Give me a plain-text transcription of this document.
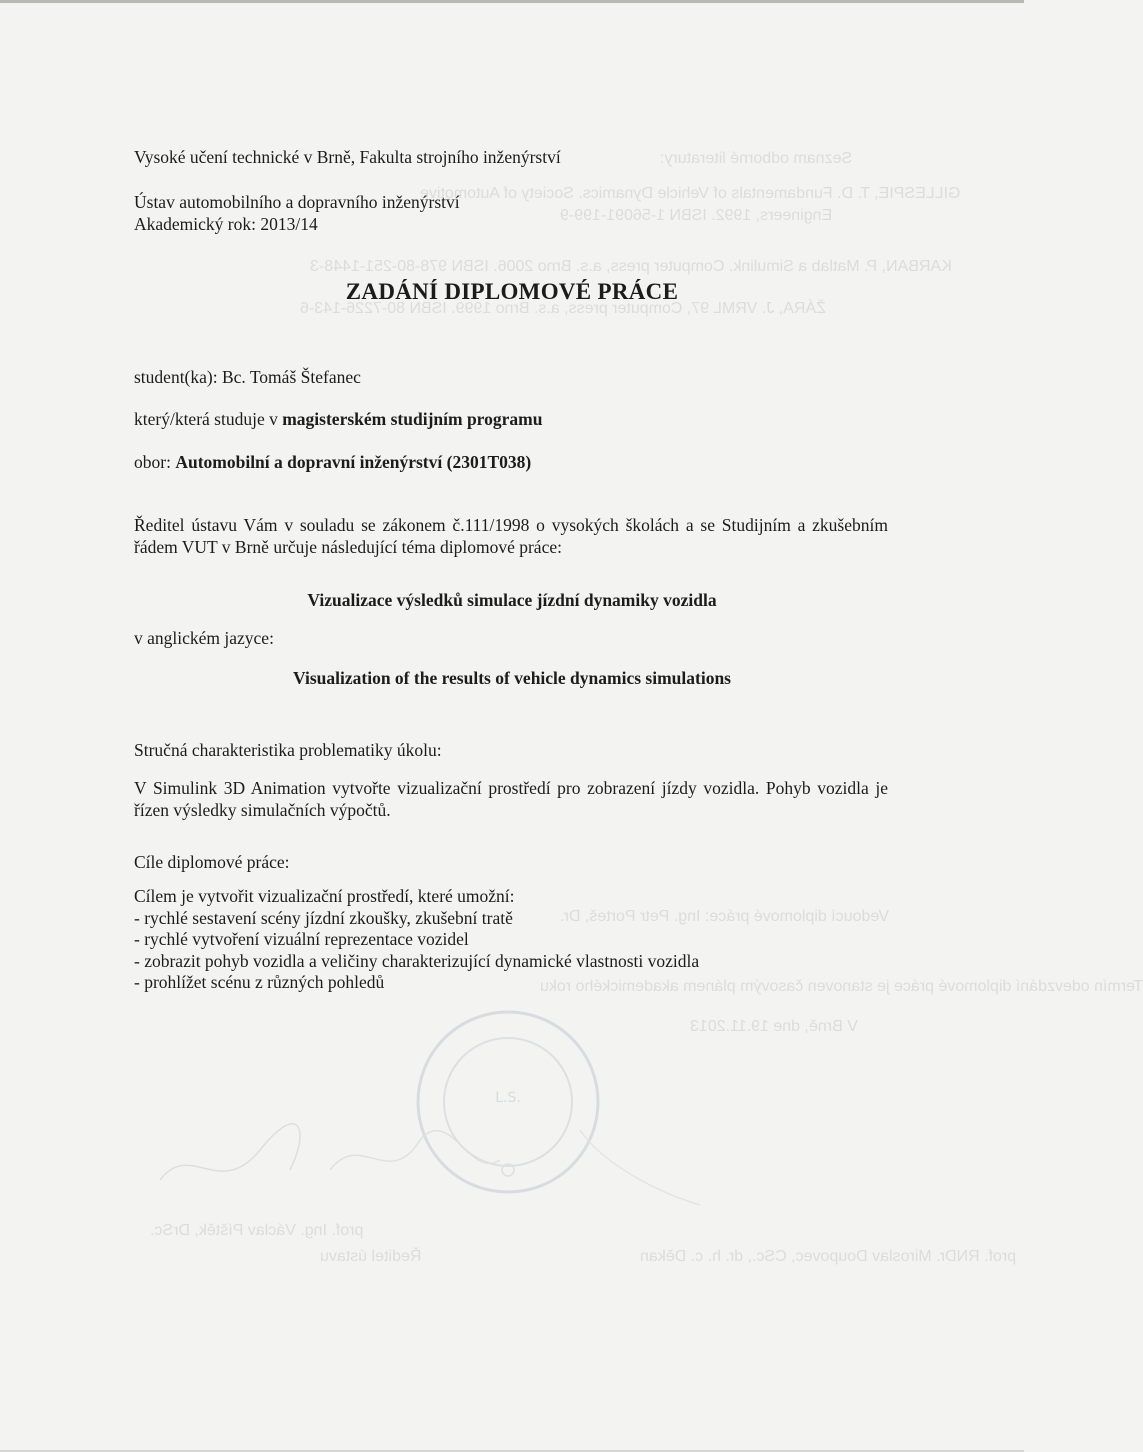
Seznam odborné literatury:
GILLESPIE, T. D. Fundamentals of Vehicle Dynamics. Society of Automotive
Engineers, 1992. ISBN 1-56091-199-9
KARBAN, P. Matlab a Simulink. Computer press, a.s. Brno 2006. ISBN 978-80-251-1448-3
ŽÁRA, J. VRML 97, Computer press, a.s. Brno 1999. ISBN 80-7226-143-6
Vedoucí diplomové práce: Ing. Petr Porteš, Dr.
Termín odevzdání diplomové práce je stanoven časovým plánem akademického roku
V Brně, dne 19.11.2013
prof. Ing. Václav Píštěk, DrSc.
Ředitel ústavu	prof. RNDr. Miroslav Doupovec, CSc., dr. h. c. Děkan
L.S.
Vysoké učení technické v Brně, Fakulta strojního inženýrství
Ústav automobilního a dopravního inženýrství
Akademický rok: 2013/14
ZADÁNÍ DIPLOMOVÉ PRÁCE
student(ka): Bc. Tomáš Štefanec
který/která studuje v magisterském studijním programu
obor: Automobilní a dopravní inženýrství (2301T038)
Ředitel ústavu Vám v souladu se zákonem č.111/1998 o vysokých školách a se Studijním a zkušebním řádem VUT v Brně určuje následující téma diplomové práce:
Vizualizace výsledků simulace jízdní dynamiky vozidla
v anglickém jazyce:
Visualization of the results of vehicle dynamics simulations
Stručná charakteristika problematiky úkolu:
V Simulink 3D Animation vytvořte vizualizační prostředí pro zobrazení jízdy vozidla. Pohyb vozidla je řízen výsledky simulačních výpočtů.
Cíle diplomové práce:
Cílem je vytvořit vizualizační prostředí, které umožní:
- rychlé sestavení scény jízdní zkoušky, zkušební tratě
- rychlé vytvoření vizuální reprezentace vozidel
- zobrazit pohyb vozidla a veličiny charakterizující dynamické vlastnosti vozidla
- prohlížet scénu z různých pohledů
